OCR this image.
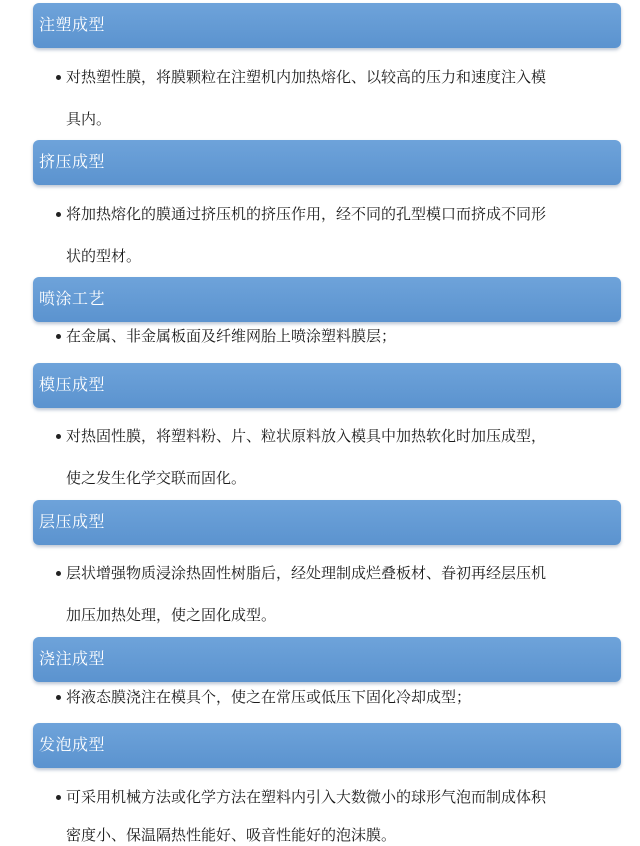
注塑成型
对热塑性膜，将膜颗粒在注塑机内加热熔化、以较高的压力和速度注入模
具内。
挤压成型
将加热熔化的膜通过挤压机的挤压作用，经不同的孔型模口而挤成不同形
状的型材。
喷涂工艺
在金属、非金属板面及纤维网胎上喷涂塑料膜层；
模压成型
对热固性膜，将塑料粉、片、粒状原料放入模具中加热软化时加压成型，
使之发生化学交联而固化。
层压成型
层状增强物质浸涂热固性树脂后，经处理制成烂叠板材、眷初再经层压机
加压加热处理，使之固化成型。
浇注成型
将液态膜浇注在模具个，使之在常压或低压下固化冷却成型；
发泡成型
可采用机械方法或化学方法在塑料内引入大数微小的球形气泡而制成体积
密度小、保温隔热性能好、吸音性能好的泡沫膜。
